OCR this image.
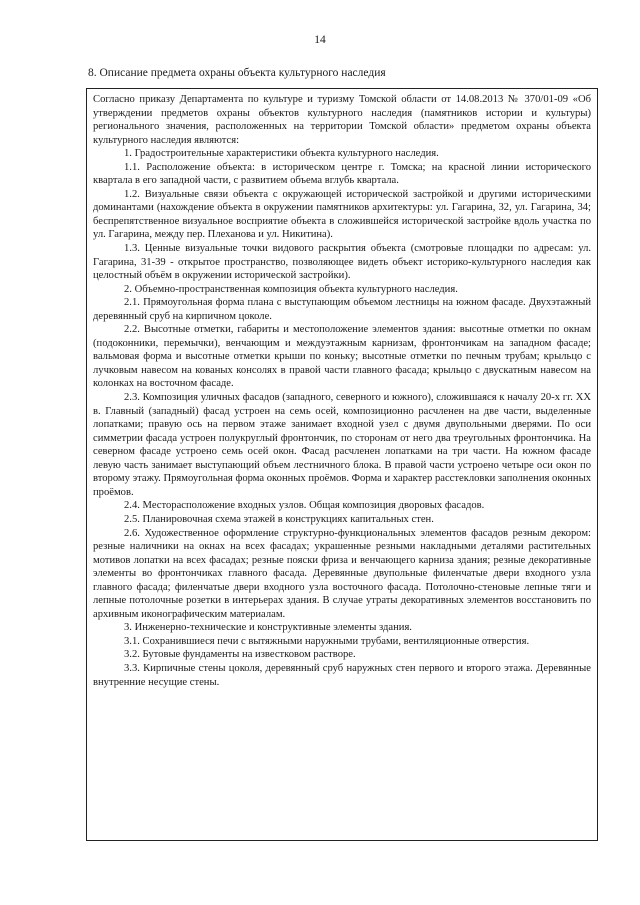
14
8. Описание предмета охраны объекта культурного наследия

Согласно приказу Департамента по культуре и туризму Томской области от 14.08.2013 № 370/01-09 «Об утверждении предметов охраны объектов культурного наследия (памятников истории и культуры) регионального значения, расположенных на территории Томской области» предметом охраны объекта культурного наследия являются:

1. Градостроительные характеристики объекта культурного наследия.

1.1. Расположение объекта: в историческом центре г. Томска; на красной линии исторического квартала в его западной части, с развитием объема вглубь квартала.

1.2. Визуальные связи объекта с окружающей исторической застройкой и другими историческими доминантами (нахождение объекта в окружении памятников архитектуры: ул. Гагарина, 32, ул. Гагарина, 34; беспрепятственное визуальное восприятие объекта в сложившейся исторической застройке вдоль участка по ул. Гагарина, между пер. Плеханова и ул. Никитина).

1.3. Ценные визуальные точки видового раскрытия объекта (смотровые площадки по адресам: ул. Гагарина, 31-39 - открытое пространство, позволяющее видеть объект историко-культурного наследия как целостный объём в окружении исторической застройки).

2. Объемно-пространственная композиция объекта культурного наследия.

2.1. Прямоугольная форма плана с выступающим объемом лестницы на южном фасаде. Двухэтажный деревянный сруб на кирпичном цоколе.

2.2. Высотные отметки, габариты и местоположение элементов здания: высотные отметки по окнам (подоконники, перемычки), венчающим и междуэтажным карнизам, фронтончикам на западном фасаде; вальмовая форма и высотные отметки крыши по коньку; высотные отметки по печным трубам; крыльцо с лучковым навесом на кованых консолях в правой части главного фасада; крыльцо с двускатным навесом на колонках на восточном фасаде.

2.3. Композиция уличных фасадов (западного, северного и южного), сложившаяся к началу 20-х гг. XX в. Главный (западный) фасад устроен на семь осей, композиционно расчленен на две части, выделенные лопатками; правую ось на первом этаже занимает входной узел с двумя двупольными дверями. По оси симметрии фасада устроен полукруглый фронтончик, по сторонам от него два треугольных фронтончика. На северном фасаде устроено семь осей окон. Фасад расчленен лопатками на три части. На южном фасаде левую часть занимает выступающий объем лестничного блока. В правой части устроено четыре оси окон по второму этажу. Прямоугольная форма оконных проёмов. Форма и характер расстекловки заполнения оконных проёмов.

2.4. Месторасположение входных узлов. Общая композиция дворовых фасадов.

2.5. Планировочная схема этажей в конструкциях капитальных стен.

2.6. Художественное оформление структурно-функциональных элементов фасадов резным декором: резные наличники на окнах на всех фасадах; украшенные резными накладными деталями растительных мотивов лопатки на всех фасадах; резные пояски фриза и венчающего карниза здания; резные декоративные элементы во фронтончиках главного фасада. Деревянные двупольные филенчатые двери входного узла главного фасада; филенчатые двери входного узла восточного фасада. Потолочно-стеновые лепные тяги и лепные потолочные розетки в интерьерах здания. В случае утраты декоративных элементов восстановить по архивным иконографическим материалам.

3. Инженерно-технические и конструктивные элементы здания.

3.1. Сохранившиеся печи с вытяжными наружными трубами, вентиляционные отверстия.

3.2. Бутовые фундаменты на известковом растворе.

3.3. Кирпичные стены цоколя, деревянный сруб наружных стен первого и второго этажа. Деревянные внутренние несущие стены.
